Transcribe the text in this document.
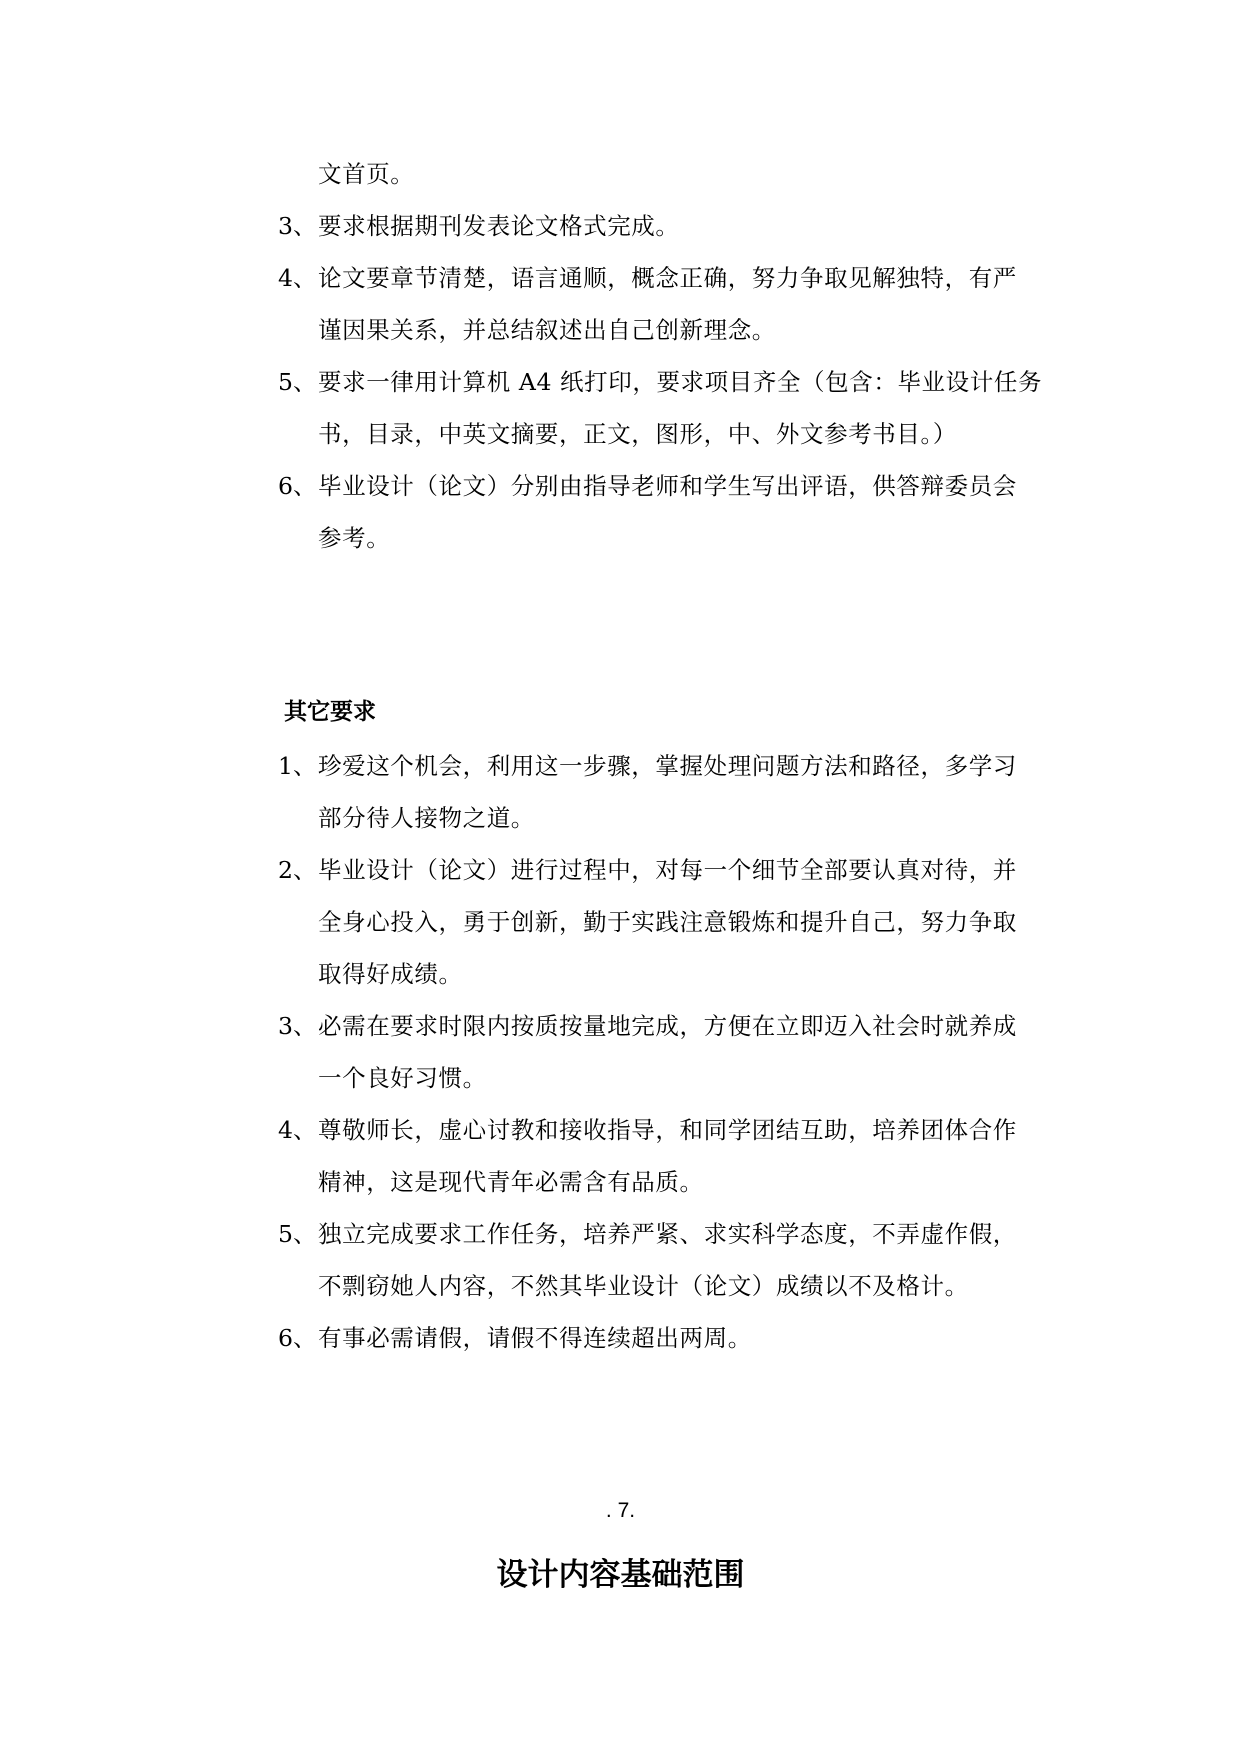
文首页。
3、 要求根据期刊发表论文格式完成。
4、 论文要章节清楚，语言通顺，概念正确，努力争取见解独特，有严
谨因果关系，并总结叙述出自己创新理念。
5、 要求一律用计算机 A4 纸打印，要求项目齐全（包含：毕业设计任务
书，目录，中英文摘要，正文，图形，中、外文参考书目。）
6、 毕业设计（论文）分别由指导老师和学生写出评语，供答辩委员会
参考。
其它要求
1、 珍爱这个机会，利用这一步骤，掌握处理问题方法和路径，多学习
部分待人接物之道。
2、 毕业设计（论文）进行过程中，对每一个细节全部要认真对待，并
全身心投入，勇于创新，勤于实践注意锻炼和提升自己，努力争取
取得好成绩。
3、 必需在要求时限内按质按量地完成，方便在立即迈入社会时就养成
一个良好习惯。
4、 尊敬师长，虚心讨教和接收指导，和同学团结互助，培养团体合作
精神，这是现代青年必需含有品质。
5、 独立完成要求工作任务，培养严紧、求实科学态度，不弄虚作假，
不剽窃她人内容，不然其毕业设计（论文）成绩以不及格计。
6、 有事必需请假，请假不得连续超出两周。
. 7.
设计内容基础范围
